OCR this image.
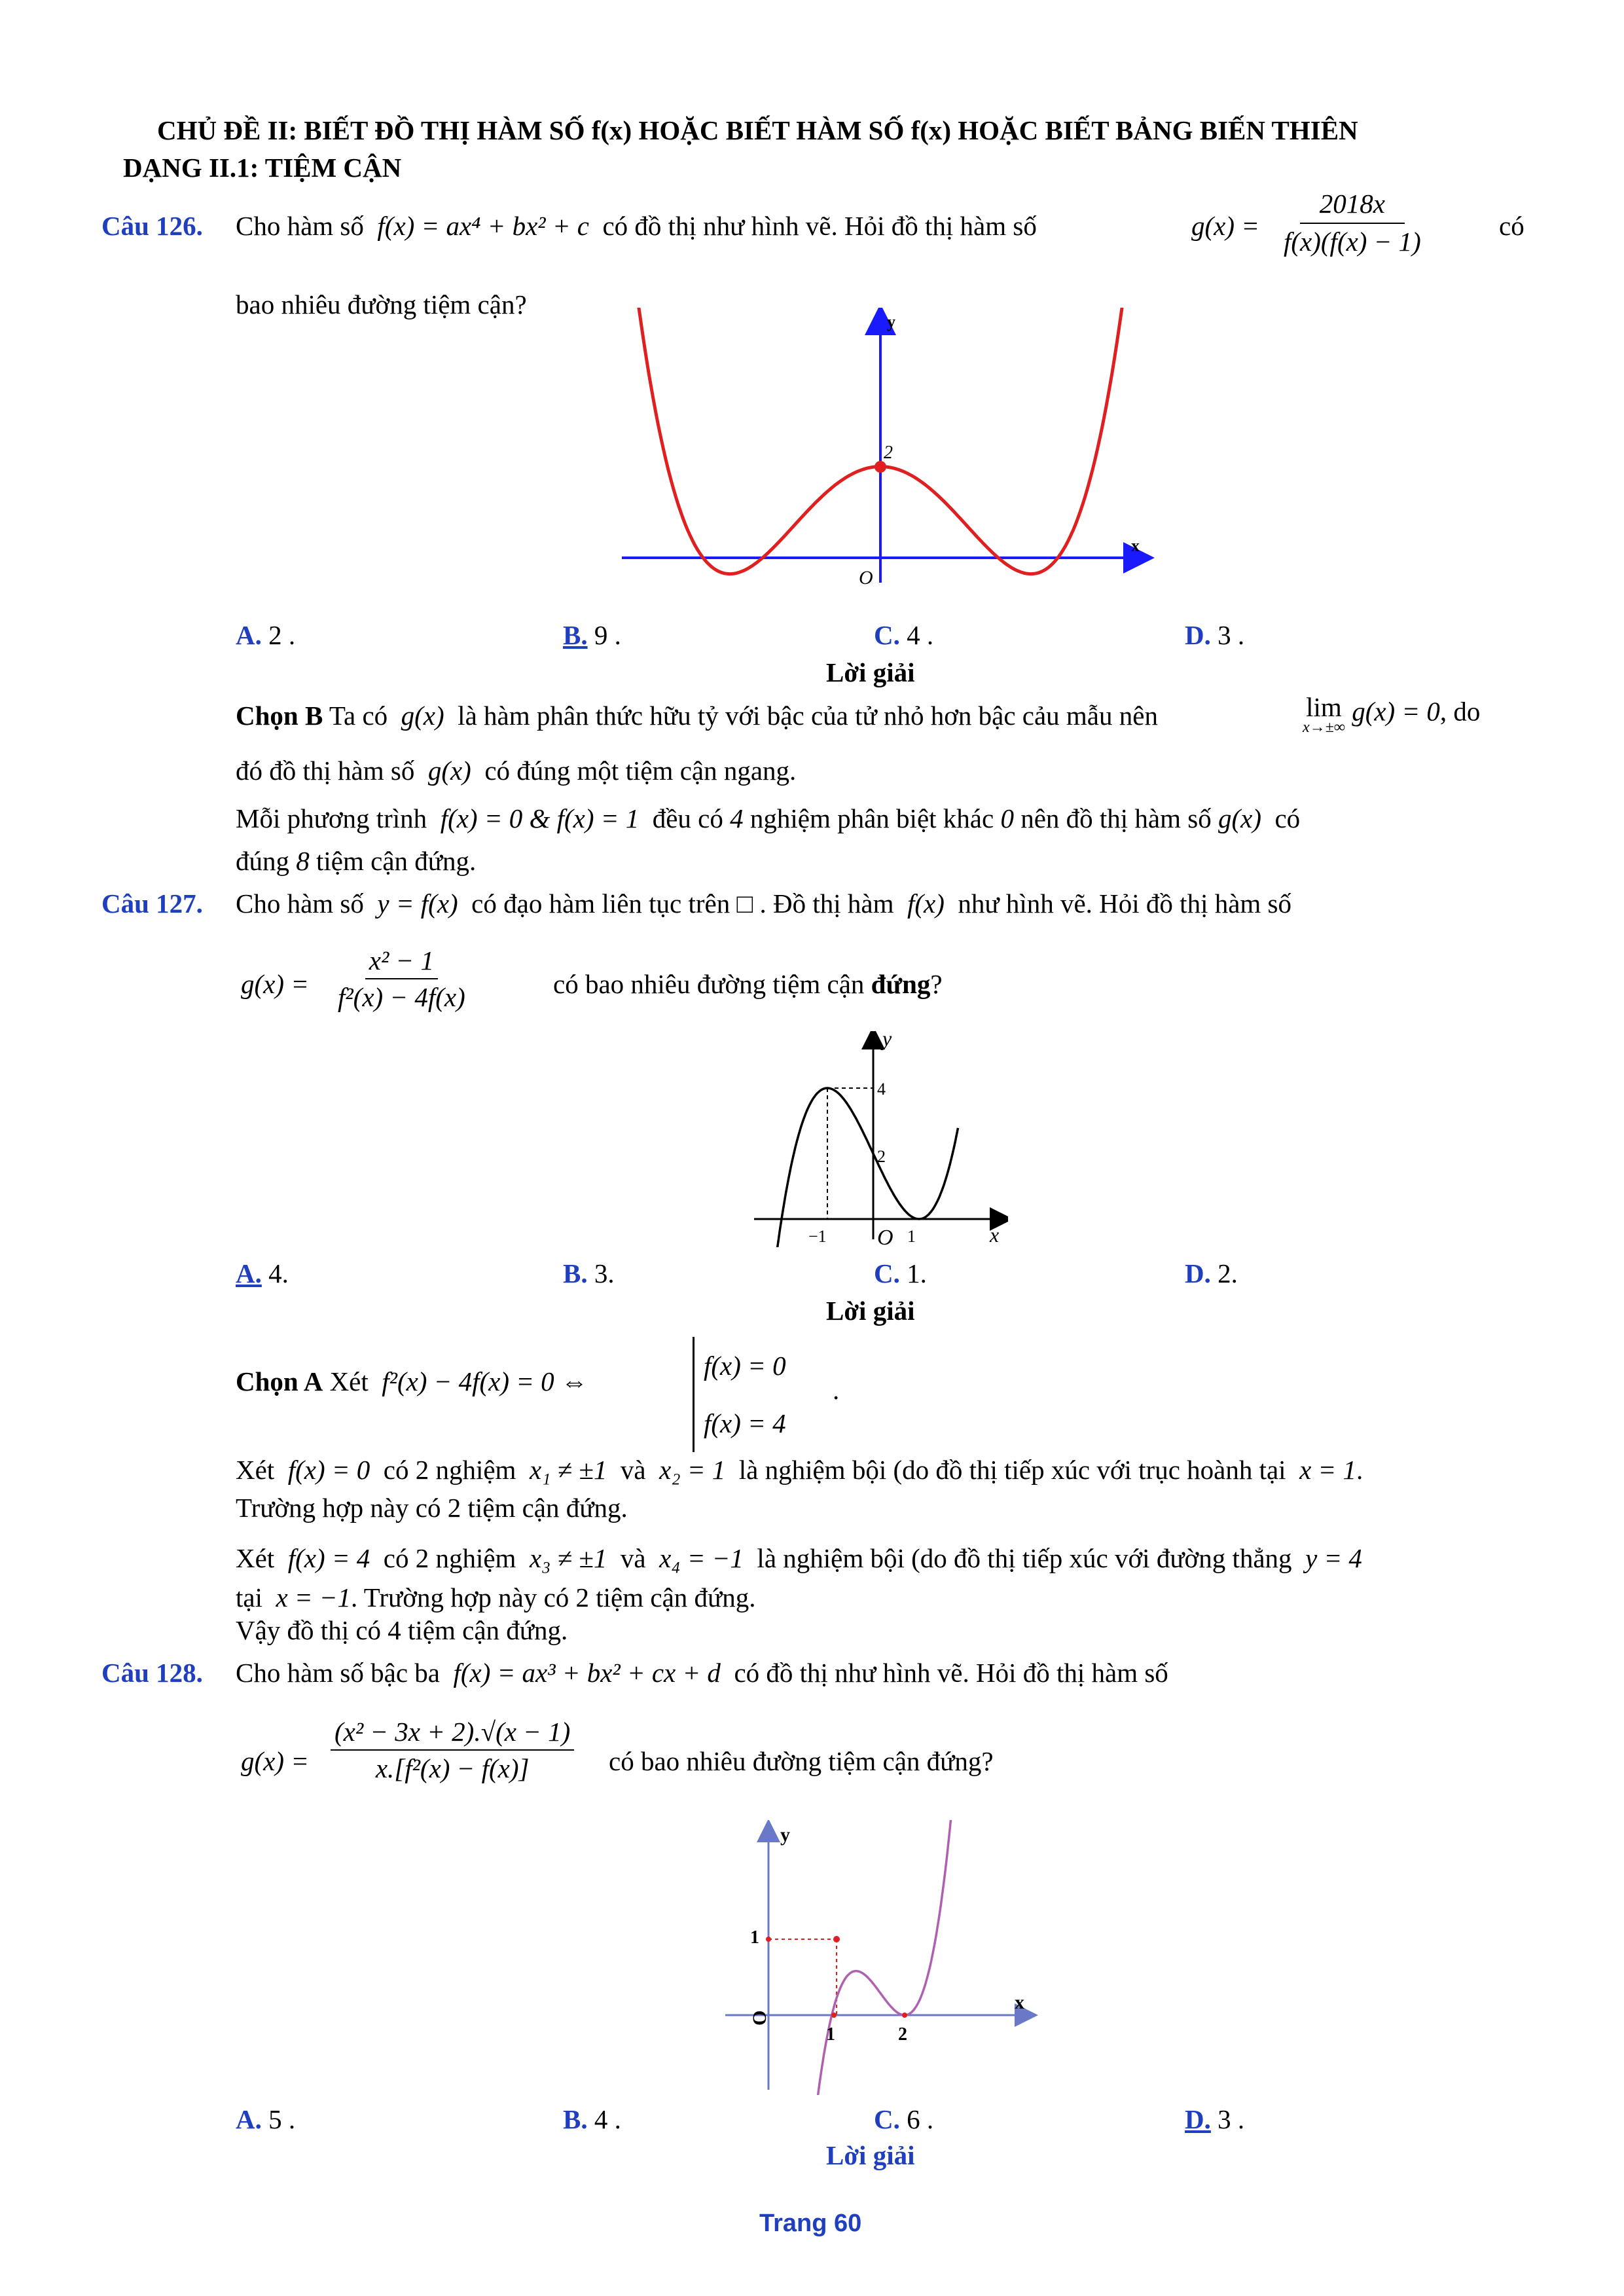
CHỦ ĐỀ II: BIẾT ĐỒ THỊ HÀM SỐ f(x) HOẶC BIẾT HÀM SỐ f(x) HOẶC BIẾT BẢNG BIẾN THIÊN
DẠNG II.1: TIỆM CẬN
Câu 126. Cho hàm số f(x) = ax⁴ + bx² + c có đồ thị như hình vẽ. Hỏi đồ thị hàm số	$g(x) = \frac{2018x}{f(x)(f(x) - 1)}$	có
bao nhiêu đường tiệm cận?
y
x
O
2
A. 2 .	B. 9 .	C. 4 .	D. 3 .
Lời giải
Chọn B Ta có g(x) là hàm phân thức hữu tỷ với bậc của tử nhỏ hơn bậc cảu mẫu nên	lim
x→±∞
g(x) = 0, do
đó đồ thị hàm số g(x) có đúng một tiệm cận ngang.
Mỗi phương trình f(x) = 0 & f(x) = 1 đều có 4 nghiệm phân biệt khác 0 nên đồ thị hàm số g(x) có
đúng 8 tiệm cận đứng.
Câu 127. Cho hàm số y = f(x) có đạo hàm liên tục trên □ . Đồ thị hàm f(x) như hình vẽ. Hỏi đồ thị hàm số
$g(x) = \frac{\text{x² − 1}}{\text{f²(x) − 4f(x)}}$	có bao nhiêu đường tiệm cận đứng?
y
x
4
2
−1 O 1
A. 4.	B. 3.	C. 1.	D. 2.
Lời giải
Chọn A Xét f²(x) − 4f(x) = 0 ⇔
f(x) = 0
f(x) = 4
.
Xét f(x) = 0 có 2 nghiệm x₁ ≠ ±1 và x₂ = 1 là nghiệm bội (do đồ thị tiếp xúc với trục hoành tại x = 1.
Trường hợp này có 2 tiệm cận đứng.
Xét f(x) = 4 có 2 nghiệm x₃ ≠ ±1 và x₄ = −1 là nghiệm bội (do đồ thị tiếp xúc với đường thẳng y = 4
tại x = −1. Trường hợp này có 2 tiệm cận đứng.
Vậy đồ thị có 4 tiệm cận đứng.
Câu 128. Cho hàm số bậc ba f(x) = ax³ + bx² + cx + d có đồ thị như hình vẽ. Hỏi đồ thị hàm số
$g(x) = \frac{\text{(x² − 3x + 2).√(x − 1)}}{\text{x.[f²(x) − f(x)]}}$ có bao nhiêu đường tiệm cận đứng?
y
x
1
1	2
O
A. 5 .	B. 4 .	C. 6 .	D. 3 .
Lời giải
Trang 60
